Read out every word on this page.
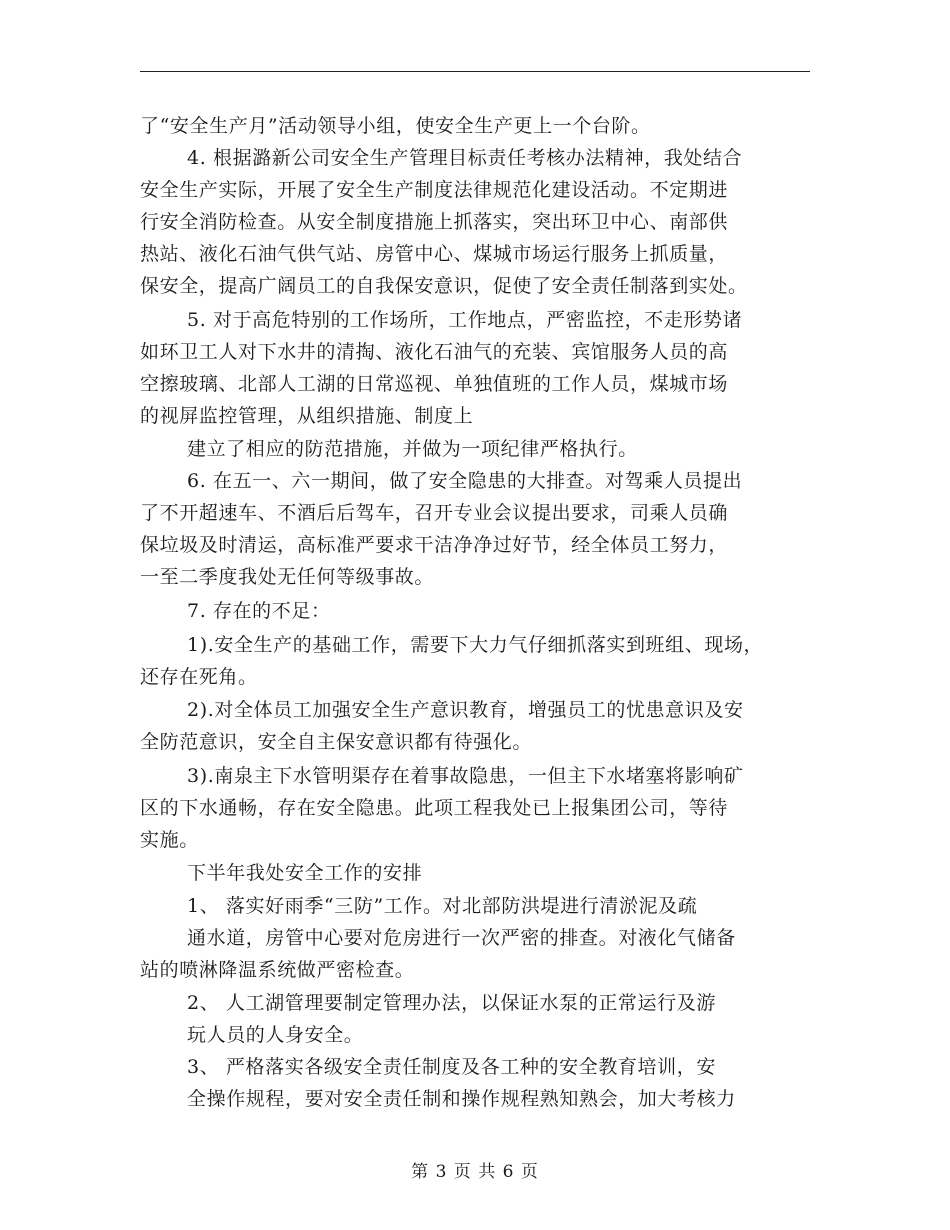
了“安全生产月”活动领导小组，使安全生产更上一个台阶。
4. 根据潞新公司安全生产管理目标责任考核办法精神，我处结合
安全生产实际，开展了安全生产制度法律规范化建设活动。不定期进
行安全消防检查。从安全制度措施上抓落实，突出环卫中心、南部供
热站、液化石油气供气站、房管中心、煤城市场运行服务上抓质量，
保安全，提高广阔员工的自我保安意识，促使了安全责任制落到实处。
5. 对于高危特别的工作场所，工作地点，严密监控，不走形势诸
如环卫工人对下水井的清掏、液化石油气的充装、宾馆服务人员的高
空擦玻璃、北部人工湖的日常巡视、单独值班的工作人员，煤城市场
的视屏监控管理，从组织措施、制度上
建立了相应的防范措施，并做为一项纪律严格执行。
6. 在五一、六一期间，做了安全隐患的大排查。对驾乘人员提出
了不开超速车、不酒后后驾车，召开专业会议提出要求，司乘人员确
保垃圾及时清运，高标准严要求干洁净净过好节，经全体员工努力，
一至二季度我处无任何等级事故。
7. 存在的不足：
1).安全生产的基础工作，需要下大力气仔细抓落实到班组、现场，
还存在死角。
2).对全体员工加强安全生产意识教育，增强员工的忧患意识及安
全防范意识，安全自主保安意识都有待强化。
3).南泉主下水管明渠存在着事故隐患，一但主下水堵塞将影响矿
区的下水通畅，存在安全隐患。此项工程我处已上报集团公司，等待
实施。
下半年我处安全工作的安排
1、 落实好雨季“三防”工作。对北部防洪堤进行清淤泥及疏
通水道，房管中心要对危房进行一次严密的排查。对液化气储备
站的喷淋降温系统做严密检查。
2、 人工湖管理要制定管理办法，以保证水泵的正常运行及游
玩人员的人身安全。
3、 严格落实各级安全责任制度及各工种的安全教育培训，安
全操作规程，要对安全责任制和操作规程熟知熟会，加大考核力
第 3 页 共 6 页
